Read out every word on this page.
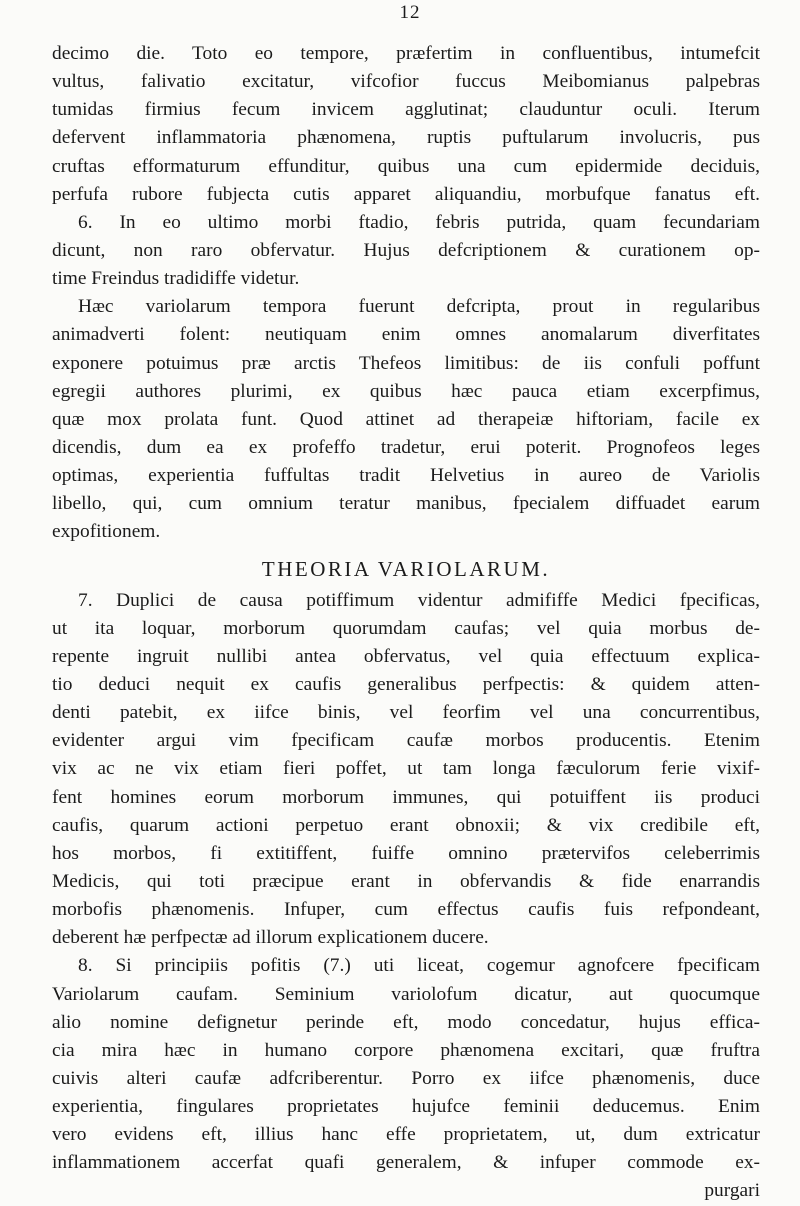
12
decimo die. Toto eo tempore, præfertim in confluentibus, intumefcit
vultus, falivatio excitatur, vifcofior fuccus Meibomianus palpebras
tumidas firmius fecum invicem agglutinat; clauduntur oculi. Iterum
defervent inflammatoria phænomena, ruptis puftularum involucris, pus
cruftas efformaturum effunditur, quibus una cum epidermide deciduis,
perfufa rubore fubjecta cutis apparet aliquandiu, morbufque fanatus eft.
6. In eo ultimo morbi ftadio, febris putrida, quam fecundariam
dicunt, non raro obfervatur. Hujus defcriptionem & curationem op-
time Freindus tradidiffe videtur.
Hæc variolarum tempora fuerunt defcripta, prout in regularibus
animadverti folent: neutiquam enim omnes anomalarum diverfitates
exponere potuimus præ arctis Thefeos limitibus: de iis confuli poffunt
egregii authores plurimi, ex quibus hæc pauca etiam excerpfimus,
quæ mox prolata funt. Quod attinet ad therapeiæ hiftoriam, facile ex
dicendis, dum ea ex profeffo tradetur, erui poterit. Prognofeos leges
optimas, experientia fuffultas tradit Helvetius in aureo de Variolis
libello, qui, cum omnium teratur manibus, fpecialem diffuadet earum
expofitionem.
THEORIA VARIOLARUM.
7. Duplici de causa potiffimum videntur admififfe Medici fpecificas,
ut ita loquar, morborum quorumdam caufas; vel quia morbus de-
repente ingruit nullibi antea obfervatus, vel quia effectuum explica-
tio deduci nequit ex caufis generalibus perfpectis: & quidem atten-
denti patebit, ex iifce binis, vel feorfim vel una concurrentibus,
evidenter argui vim fpecificam caufæ morbos producentis. Etenim
vix ac ne vix etiam fieri poffet, ut tam longa fæculorum ferie vixif-
fent homines eorum morborum immunes, qui potuiffent iis produci
caufis, quarum actioni perpetuo erant obnoxii; & vix credibile eft,
hos morbos, fi extitiffent, fuiffe omnino prætervifos celeberrimis
Medicis, qui toti præcipue erant in obfervandis & fide enarrandis
morbofis phænomenis. Infuper, cum effectus caufis fuis refpondeant,
deberent hæ perfpectæ ad illorum explicationem ducere.
8. Si principiis pofitis (7.) uti liceat, cogemur agnofcere fpecificam
Variolarum caufam. Seminium variolofum dicatur, aut quocumque
alio nomine defignetur perinde eft, modo concedatur, hujus effica-
cia mira hæc in humano corpore phænomena excitari, quæ fruftra
cuivis alteri caufæ adfcriberentur. Porro ex iifce phænomenis, duce
experientia, fingulares proprietates hujufce feminii deducemus. Enim
vero evidens eft, illius hanc effe proprietatem, ut, dum extricatur
inflammationem accerfat quafi generalem, & infuper commode ex-
purgari
